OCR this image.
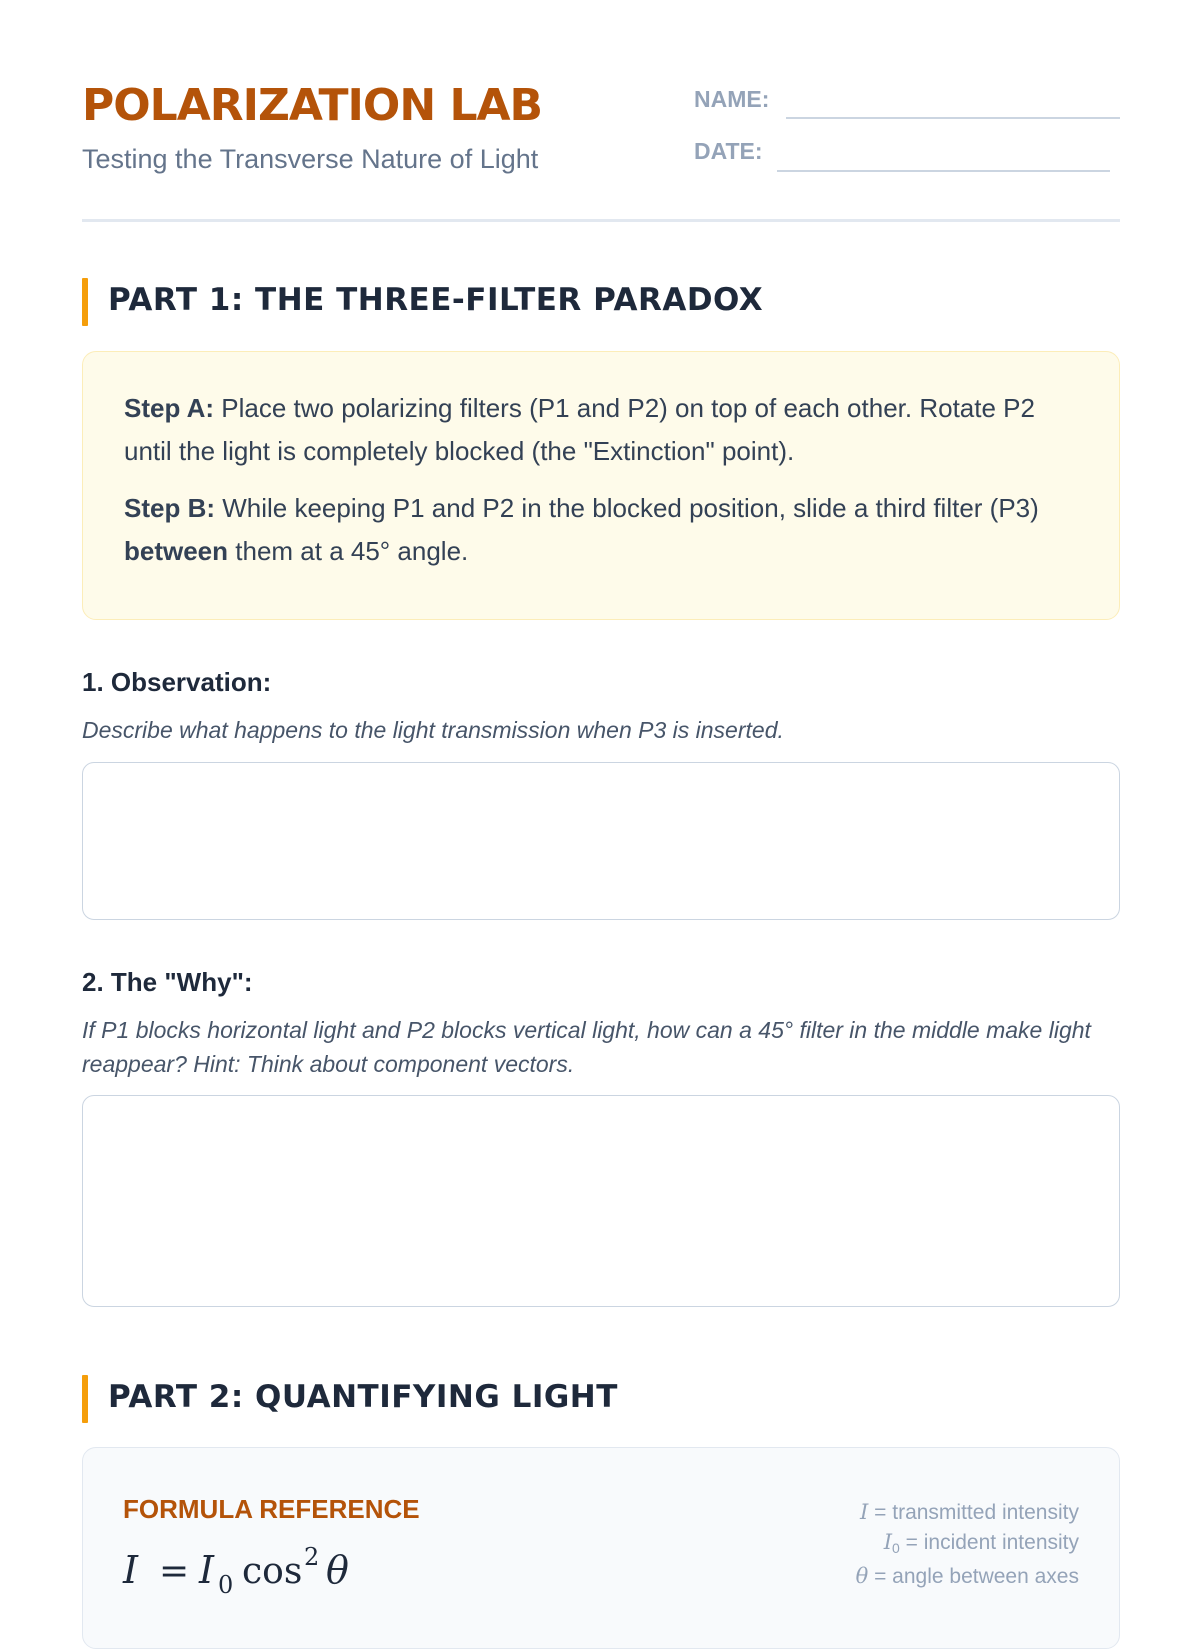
POLARIZATION LAB
Testing the Transverse Nature of Light
NAME:
DATE:
PART 1: THE THREE-FILTER PARADOX
Step A: Place two polarizing filters (P1 and P2) on top of each other. Rotate P2 until the light is completely blocked (the "Extinction" point).
Step B: While keeping P1 and P2 in the blocked position, slide a third filter (P3) between them at a 45° angle.
1. Observation:
Describe what happens to the light transmission when P3 is inserted.
2. The "Why":
If P1 blocks horizontal light and P2 blocks vertical light, how can a 45° filter in the middle make light reappear? Hint: Think about component vectors.
PART 2: QUANTIFYING LIGHT
FORMULA REFERENCE
I = I 0 cos 2 θ
I = transmitted intensity
$I_0$ = incident intensity
θ = angle between axes
